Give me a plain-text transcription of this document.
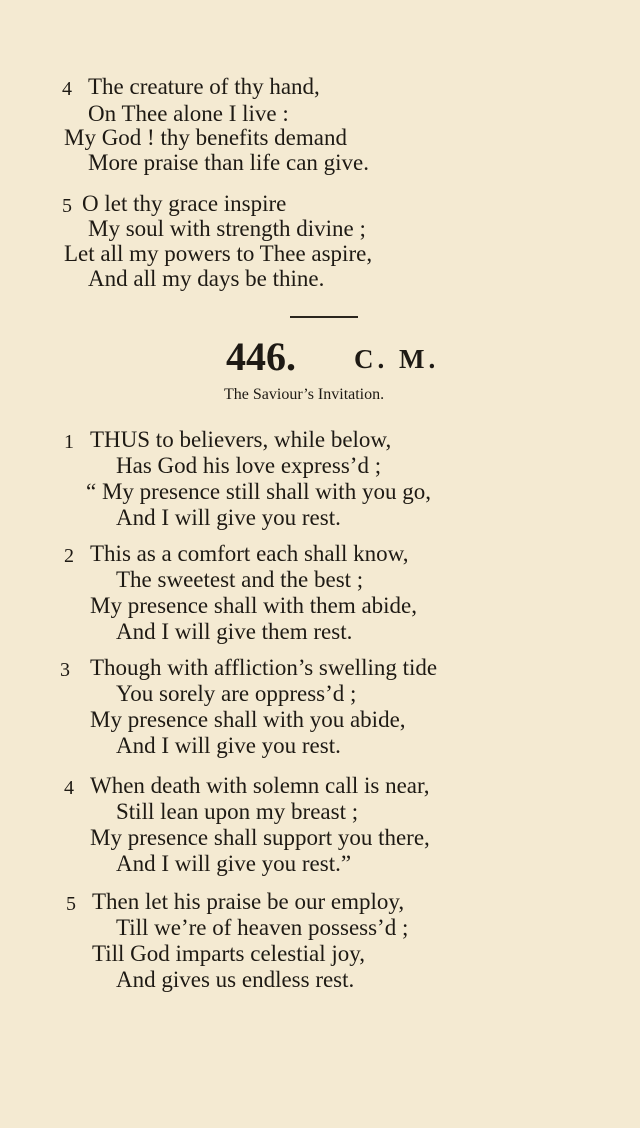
4 The creature of thy hand,
On Thee alone I live :
My God ! thy benefits demand
More praise than life can give.
5 O let thy grace inspire
My soul with strength divine ;
Let all my powers to Thee aspire,
And all my days be thine.
446. C. M.
The Saviour’s Invitation.
1 THUS to believers, while below,
Has God his love express’d ;
“ My presence still shall with you go,
And I will give you rest.
2 This as a comfort each shall know,
The sweetest and the best ;
My presence shall with them abide,
And I will give them rest.
3 Though with affliction’s swelling tide
You sorely are oppress’d ;
My presence shall with you abide,
And I will give you rest.
4 When death with solemn call is near,
Still lean upon my breast ;
My presence shall support you there,
And I will give you rest.”
5 Then let his praise be our employ,
Till we’re of heaven possess’d ;
Till God imparts celestial joy,
And gives us endless rest.
